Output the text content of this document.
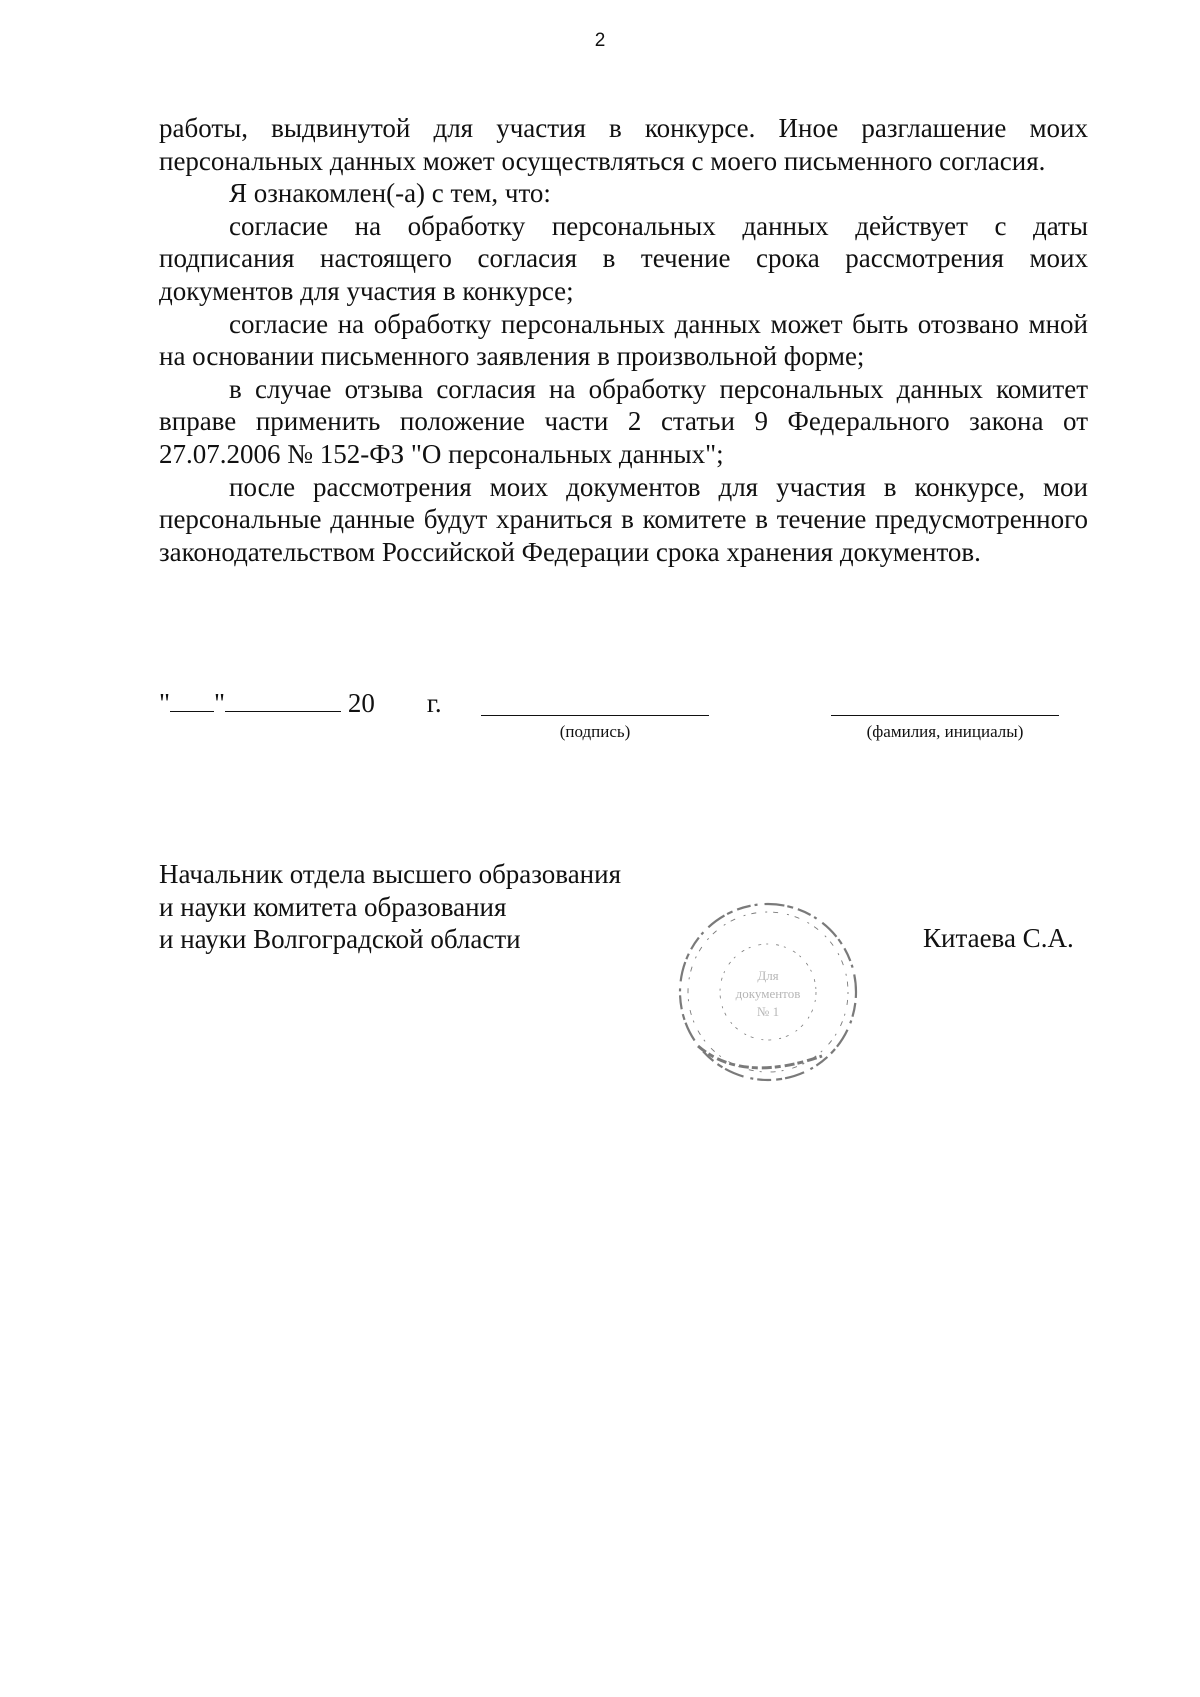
2

работы, выдвинутой для участия в конкурсе. Иное разглашение моих персональных данных может осуществляться с моего письменного согласия.

Я ознакомлен(-а) с тем, что:

согласие на обработку персональных данных действует с даты подписания настоящего согласия в течение срока рассмотрения моих документов для участия в конкурсе;

согласие на обработку персональных данных может быть отозвано мной на основании письменного заявления в произвольной форме;

в случае отзыва согласия на обработку персональных данных комитет вправе применить положение части 2 статьи 9 Федерального закона от 27.07.2006 № 152-ФЗ "О персональных данных";

после рассмотрения моих документов для участия в конкурсе, мои персональные данные будут храниться в комитете в течение предусмотренного законодательством Российской Федерации срока хранения документов.

" "	20 г.
(подпись)	(фамилия, инициалы)
Начальник отдела высшего образования
и науки комитета образования
и науки Волгоградской области
Для
документов
№ 1
Китаева С.А.
